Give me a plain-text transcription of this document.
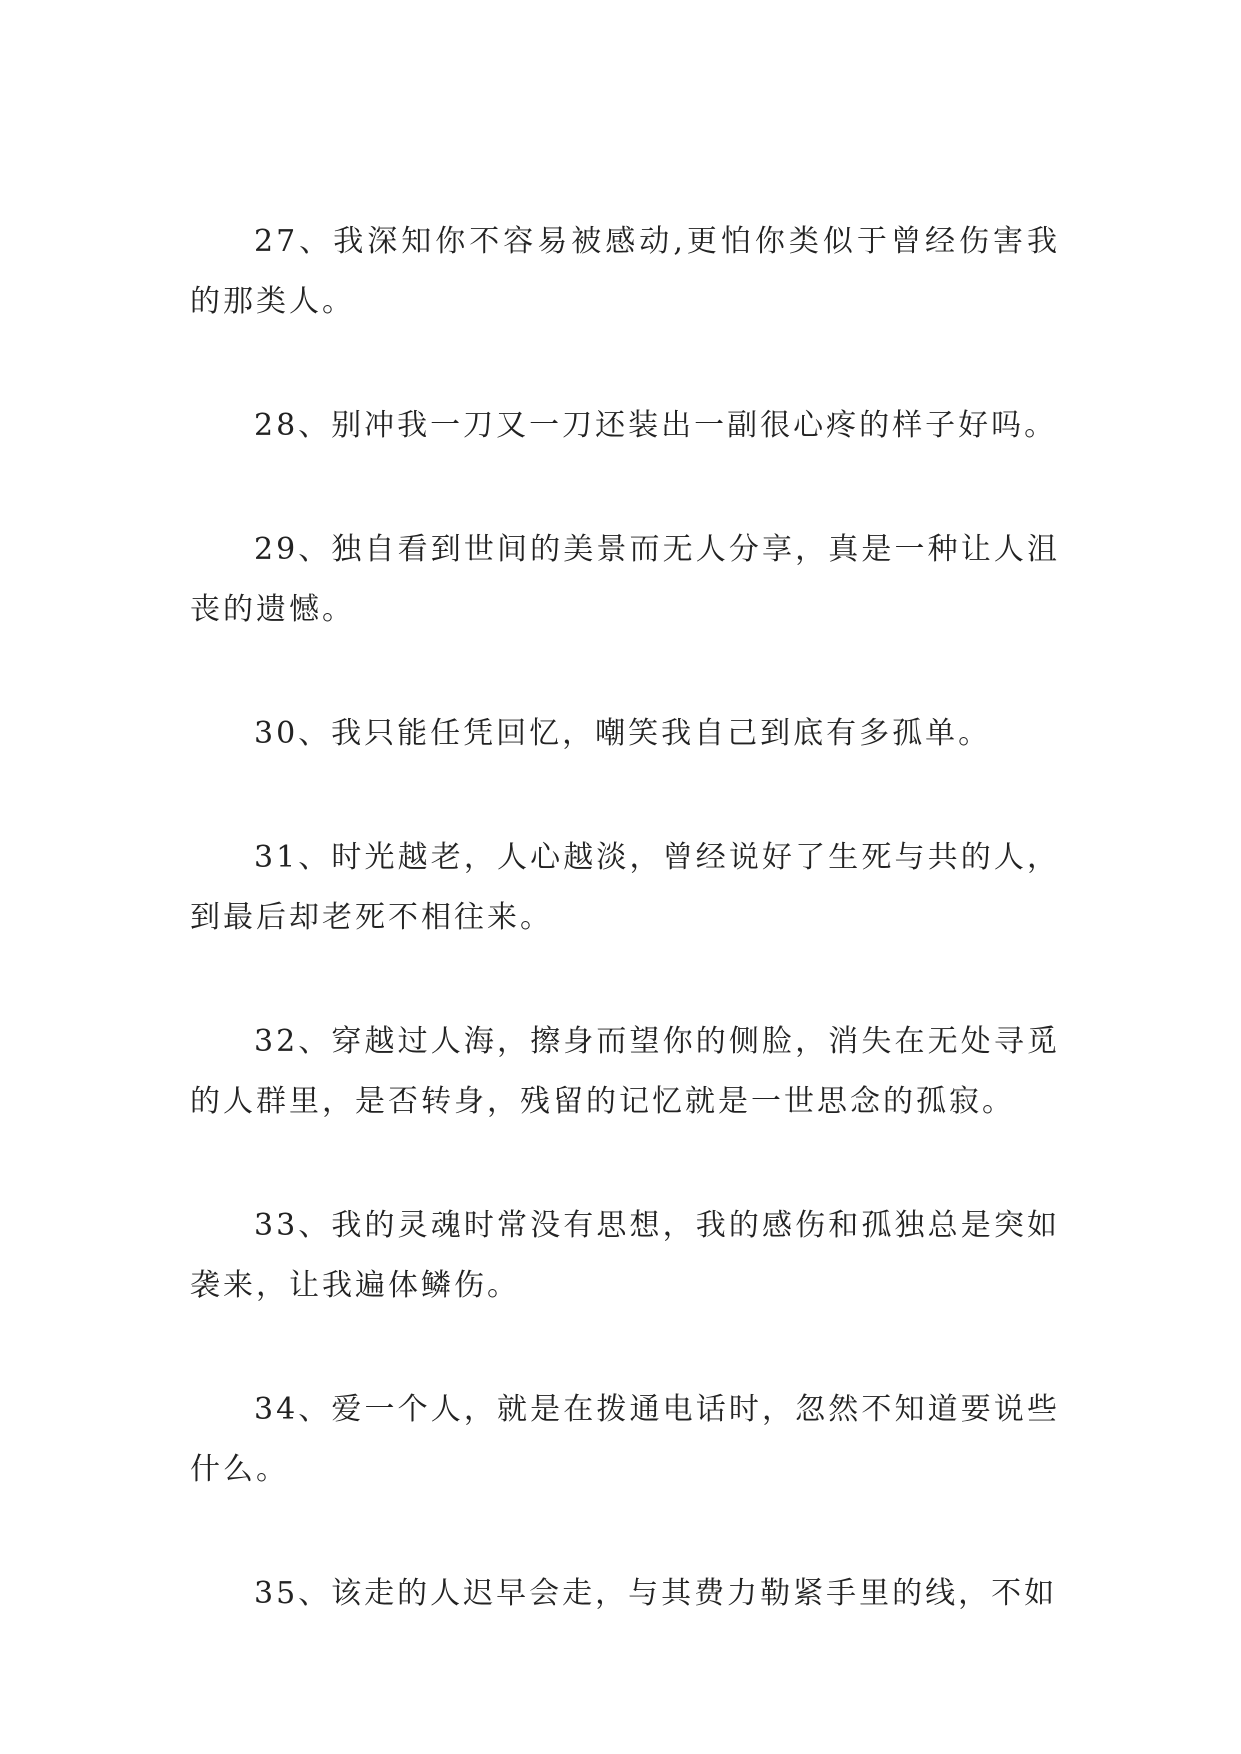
27、我深知你不容易被感动,更怕你类似于曾经伤害我的那类人。

28、别冲我一刀又一刀还装出一副很心疼的样子好吗。

29、独自看到世间的美景而无人分享，真是一种让人沮丧的遗憾。

30、我只能任凭回忆，嘲笑我自己到底有多孤单。

31、时光越老，人心越淡，曾经说好了生死与共的人，到最后却老死不相往来。

32、穿越过人海，擦身而望你的侧脸，消失在无处寻觅的人群里，是否转身，残留的记忆就是一世思念的孤寂。

33、我的灵魂时常没有思想，我的感伤和孤独总是突如袭来，让我遍体鳞伤。

34、爱一个人，就是在拨通电话时，忽然不知道要说些什么。

35、该走的人迟早会走，与其费力勒紧手里的线，不如
